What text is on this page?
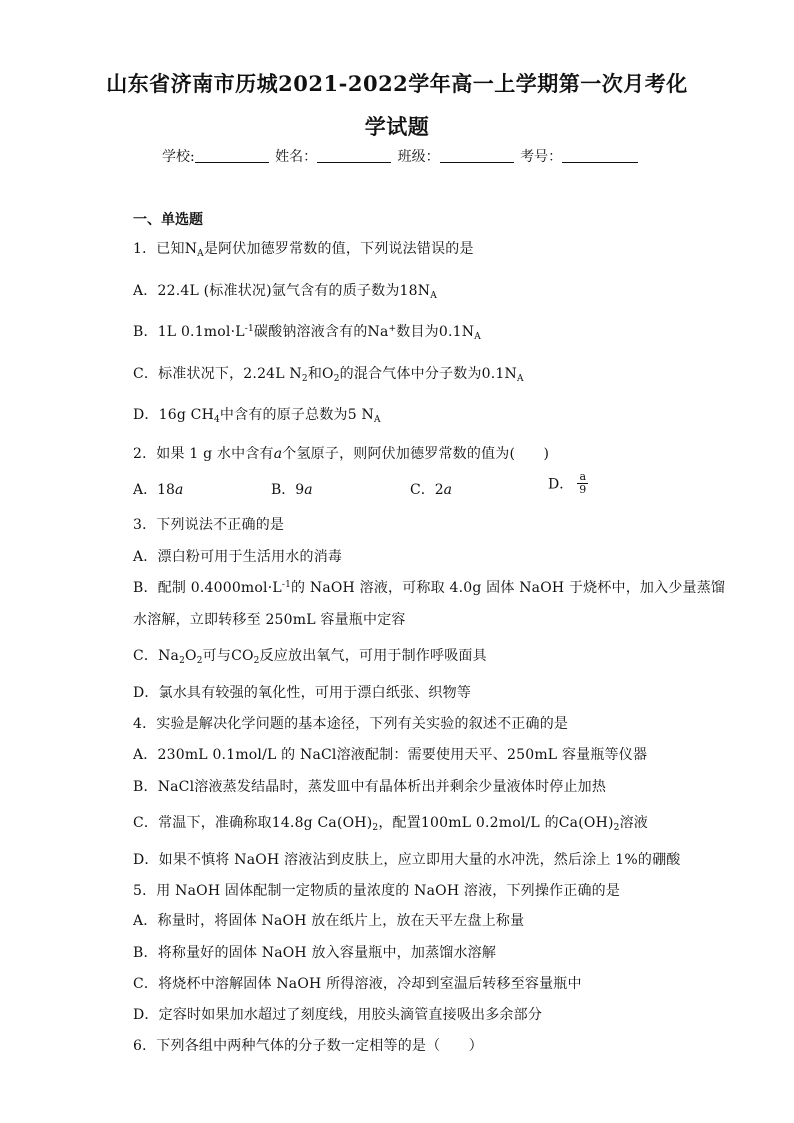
山东省济南市历城2021-2022学年高一上学期第一次月考化
学试题
学校:	姓名：	班级：	考号：
一、单选题
1．已知$N_A$是阿伏加德罗常数的值，下列说法错误的是
A．22.4L (标准状况)氩气含有的质子数为$18N_A$
B．1L $0.1mol\cdot L^{-1}$碳酸钠溶液含有的Na+数目为$0.1N_A$
C．标准状况下，2.24L $N_2$和$O_2$的混合气体中分子数为$0.1N_A$
D．16g $CH_4$中含有的原子总数为5 $N_A$
2．如果 1 g 水中含有a个氢原子，则阿伏加德罗常数的值为(　　)
A．18a	B．9a	C．2a	D． $\frac{a}{9}$
3．下列说法不正确的是
A．漂白粉可用于生活用水的消毒
B．配制 $0.4000mol\cdot L^{-1}$的 NaOH 溶液，可称取 4.0g 固体 NaOH 于烧杯中，加入少量蒸馏
水溶解，立即转移至 250mL 容量瓶中定容
C．$Na_2O_2$可与$CO_2$反应放出氧气，可用于制作呼吸面具
D．氯水具有较强的氧化性，可用于漂白纸张、织物等
4．实验是解决化学问题的基本途径，下列有关实验的叙述不正确的是
A．230mL 0.1mol/L 的 NaCl溶液配制：需要使用天平、250mL 容量瓶等仪器
B．NaCl溶液蒸发结晶时，蒸发皿中有晶体析出并剩余少量液体时停止加热
C．常温下，准确称取14.8g $Ca(OH)_2$，配置100mL 0.2mol/L 的$Ca(OH)_2$溶液
D．如果不慎将 NaOH 溶液沾到皮肤上，应立即用大量的水冲洗，然后涂上 1%的硼酸
5．用 NaOH 固体配制一定物质的量浓度的 NaOH 溶液，下列操作正确的是
A．称量时，将固体 NaOH 放在纸片上，放在天平左盘上称量
B．将称量好的固体 NaOH 放入容量瓶中，加蒸馏水溶解
C．将烧杯中溶解固体 NaOH 所得溶液，冷却到室温后转移至容量瓶中
D．定容时如果加水超过了刻度线，用胶头滴管直接吸出多余部分
6．下列各组中两种气体的分子数一定相等的是（　　）
